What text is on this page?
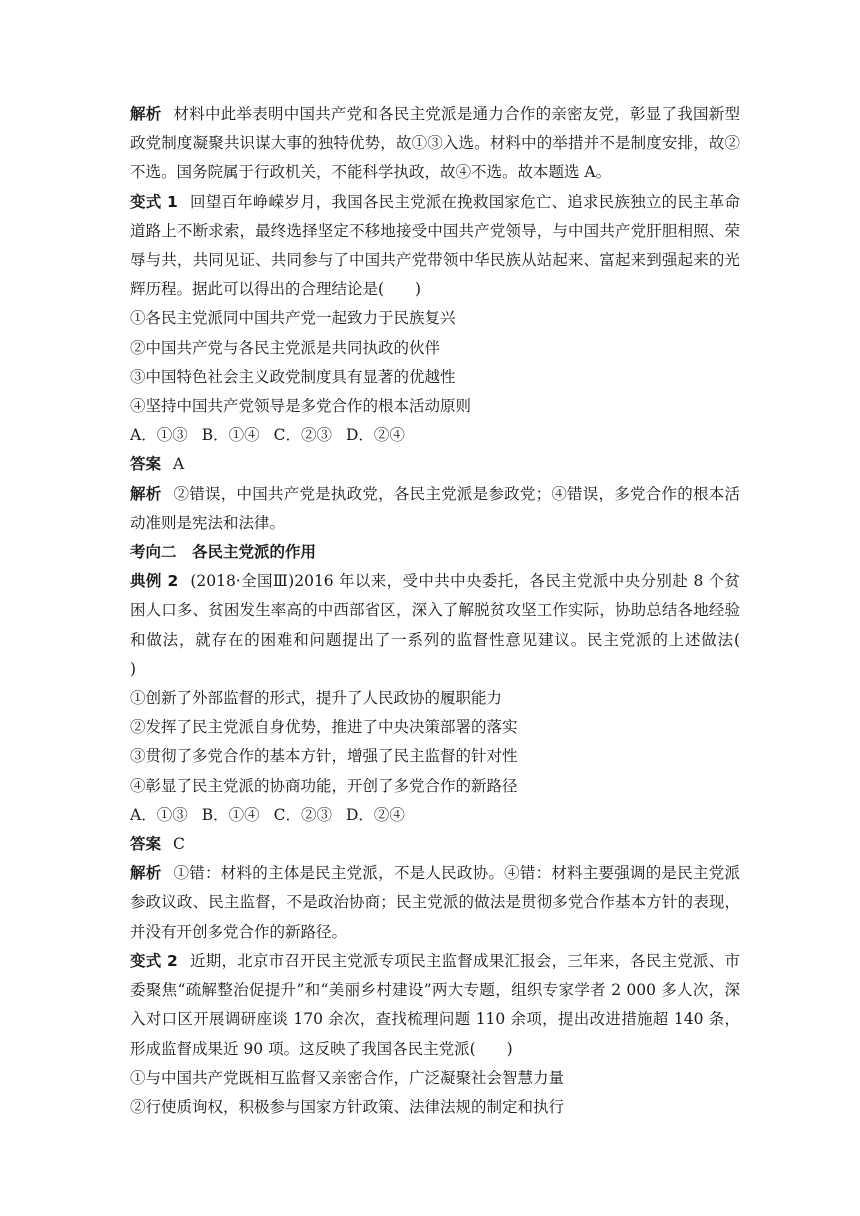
解析 材料中此举表明中国共产党和各民主党派是通力合作的亲密友党，彰显了我国新型政党制度凝聚共识谋大事的独特优势，故①③入选。材料中的举措并不是制度安排，故②不选。国务院属于行政机关，不能科学执政，故④不选。故本题选 A。

变式 1 回望百年峥嵘岁月，我国各民主党派在挽救国家危亡、追求民族独立的民主革命道路上不断求索，最终选择坚定不移地接受中国共产党领导，与中国共产党肝胆相照、荣辱与共，共同见证、共同参与了中国共产党带领中华民族从站起来、富起来到强起来的光辉历程。据此可以得出的合理结论是(　　)

①各民主党派同中国共产党一起致力于民族复兴

②中国共产党与各民主党派是共同执政的伙伴

③中国特色社会主义政党制度具有显著的优越性

④坚持中国共产党领导是多党合作的根本活动原则

A．①③ B．①④ C．②③ D．②④

答案 A

解析 ②错误，中国共产党是执政党，各民主党派是参政党；④错误，多党合作的根本活动准则是宪法和法律。

考向二　各民主党派的作用

典例 2 (2018·全国Ⅲ)2016 年以来，受中共中央委托，各民主党派中央分别赴 8 个贫困人口多、贫困发生率高的中西部省区，深入了解脱贫攻坚工作实际，协助总结各地经验和做法，就存在的困难和问题提出了一系列的监督性意见建议。民主党派的上述做法(　　)

①创新了外部监督的形式，提升了人民政协的履职能力

②发挥了民主党派自身优势，推进了中央决策部署的落实

③贯彻了多党合作的基本方针，增强了民主监督的针对性

④彰显了民主党派的协商功能，开创了多党合作的新路径

A．①③ B．①④ C．②③ D．②④

答案 C

解析 ①错：材料的主体是民主党派，不是人民政协。④错：材料主要强调的是民主党派参政议政、民主监督，不是政治协商；民主党派的做法是贯彻多党合作基本方针的表现，并没有开创多党合作的新路径。

变式 2 近期，北京市召开民主党派专项民主监督成果汇报会，三年来，各民主党派、市委聚焦“疏解整治促提升”和“美丽乡村建设”两大专题，组织专家学者 2 000 多人次，深入对口区开展调研座谈 170 余次，查找梳理问题 110 余项，提出改进措施超 140 条，形成监督成果近 90 项。这反映了我国各民主党派(　　)

①与中国共产党既相互监督又亲密合作，广泛凝聚社会智慧力量

②行使质询权，积极参与国家方针政策、法律法规的制定和执行
